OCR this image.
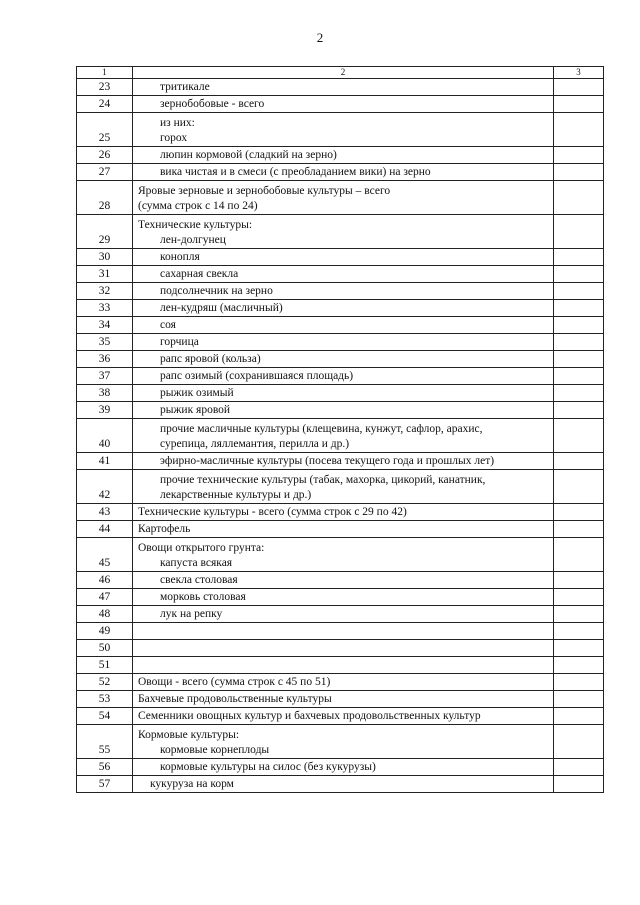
2
1	2	3
23	тритикале	

24	зернобобовые - всего	

25	из них:
горох	

26	люпин кормовой (сладкий на зерно)	

27	вика чистая и в смеси (с преобладанием вики) на зерно	

28	Яровые зерновые и зернобобовые культуры – всего
(сумма строк с 14 по 24)	

29	Технические культуры:
лен-долгунец	

30	конопля	

31	сахарная свекла	

32	подсолнечник на зерно	

33	лен-кудряш (масличный)	

34	соя	

35	горчица	

36	рапс яровой (кольза)	

37	рапс озимый (сохранившаяся площадь)	

38	рыжик озимый	

39	рыжик яровой	

40	прочие масличные культуры (клещевина, кунжут, сафлор, арахис,
сурепица, ляллемантия, перилла и др.)	

41	эфирно-масличные культуры (посева текущего года и прошлых лет)	

42	прочие технические культуры (табак, махорка, цикорий, канатник,
лекарственные культуры и др.)	

43	Технические культуры - всего (сумма строк с 29 по 42)	

44	Картофель	

45	Овощи открытого грунта:
капуста всякая	

46	свекла столовая	

47	морковь столовая	

48	лук на репку	

49	

50	

51	

52	Овощи - всего (сумма строк с 45 по 51)	

53	Бахчевые продовольственные культуры	

54	Семенники овощных культур и бахчевых продовольственных культур	

55	Кормовые культуры:
кормовые корнеплоды	

56	кормовые культуры на силос (без кукурузы)	

57	кукуруза на корм	
